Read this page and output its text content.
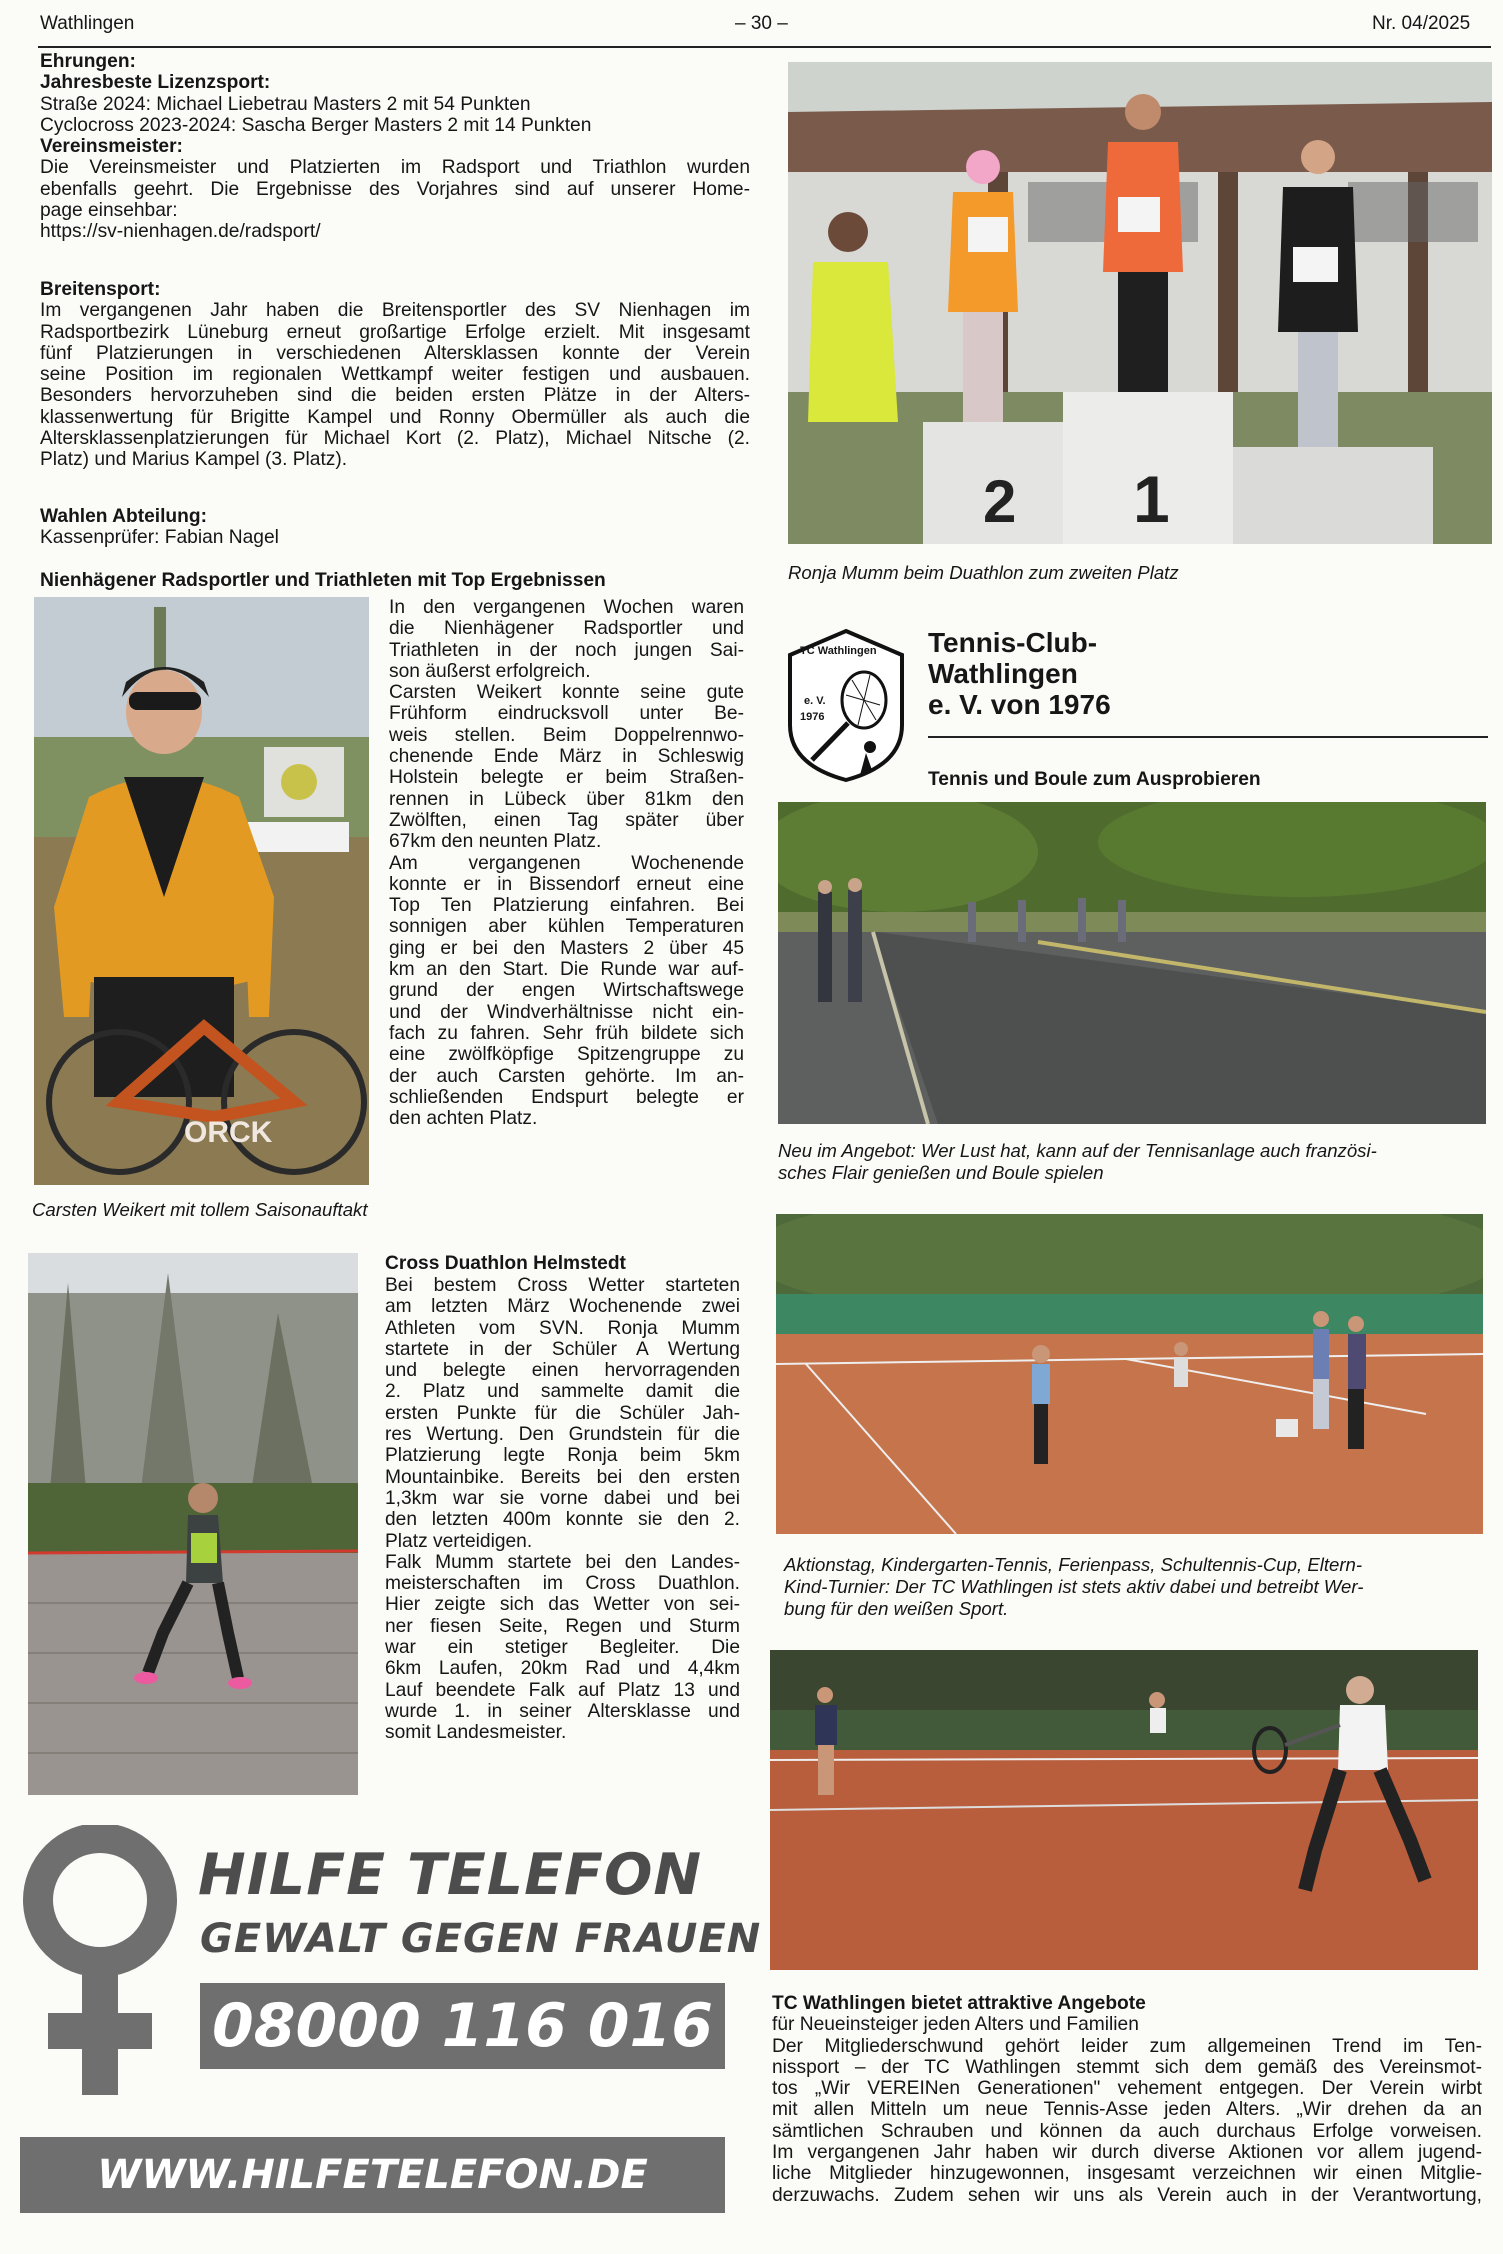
Wathlingen	– 30 –	Nr. 04/2025

Ehrungen:

Jahresbeste Lizenzsport:

Straße 2024: Michael Liebetrau Masters 2 mit 54 Punkten

Cyclocross 2023-2024: Sascha Berger Masters 2 mit 14 Punkten

Vereinsmeister:

Die Vereinsmeister und Platzierten im Radsport und Triathlon wurden

ebenfalls geehrt. Die Ergebnisse des Vorjahres sind auf unserer Home-

page einsehbar:

https://sv-nienhagen.de/radsport/

Breitensport:

Im vergangenen Jahr haben die Breitensportler des SV Nienhagen im

Radsportbezirk Lüneburg erneut großartige Erfolge erzielt. Mit insgesamt

fünf Platzierungen in verschiedenen Altersklassen konnte der Verein

seine Position im regionalen Wettkampf weiter festigen und ausbauen.

Besonders hervorzuheben sind die beiden ersten Plätze in der Alters-

klassenwertung für Brigitte Kampel und Ronny Obermüller als auch die

Altersklassenplatzierungen für Michael Kort (2. Platz), Michael Nitsche (2.

Platz) und Marius Kampel (3. Platz).

Wahlen Abteilung:

Kassenprüfer: Fabian Nagel

Nienhägener Radsportler und Triathleten mit Top Ergebnissen
ORCK

In den vergangenen Wochen waren

die Nienhägener Radsportler und

Triathleten in der noch jungen Sai-

son äußerst erfolgreich.

Carsten Weikert konnte seine gute

Frühform eindrucksvoll unter Be-

weis stellen. Beim Doppelrennwo-

chenende Ende März in Schleswig

Holstein belegte er beim Straßen-

rennen in Lübeck über 81km den

Zwölften, einen Tag später über

67km den neunten Platz.

Am vergangenen Wochenende

konnte er in Bissendorf erneut eine

Top Ten Platzierung einfahren. Bei

sonnigen aber kühlen Temperaturen

ging er bei den Masters 2 über 45

km an den Start. Die Runde war auf-

grund der engen Wirtschaftswege

und der Windverhältnisse nicht ein-

fach zu fahren. Sehr früh bildete sich

eine zwölfköpfige Spitzengruppe zu

der auch Carsten gehörte. Im an-

schließenden Endspurt belegte er

den achten Platz.

Carsten Weikert mit tollem Saisonauftakt
Cross Duathlon Helmstedt

Bei bestem Cross Wetter starteten

am letzten März Wochenende zwei

Athleten vom SVN. Ronja Mumm

startete in der Schüler A Wertung

und belegte einen hervorragenden

2. Platz und sammelte damit die

ersten Punkte für die Schüler Jah-

res Wertung. Den Grundstein für die

Platzierung legte Ronja beim 5km

Mountainbike. Bereits bei den ersten

1,3km war sie vorne dabei und bei

den letzten 400m konnte sie den 2.

Platz verteidigen.

Falk Mumm startete bei den Landes-

meisterschaften im Cross Duathlon.

Hier zeigte sich das Wetter von sei-

ner fiesen Seite, Regen und Sturm

war ein stetiger Begleiter. Die

6km Laufen, 20km Rad und 4,4km

Lauf beendete Falk auf Platz 13 und

wurde 1. in seiner Altersklasse und

somit Landesmeister.

HILFE TELEFON
GEWALT GEGEN FRAUEN
08000 116 016
WWW.HILFETELEFON.DE
2 1
Ronja Mumm beim Duathlon zum zweiten Platz
TC Wathlingen
e. V.
1976
Tennis-Club-
Wathlingen
e. V. von 1976
Tennis und Boule zum Ausprobieren
Neu im Angebot: Wer Lust hat, kann auf der Tennisanlage auch französi-
sches Flair genießen und Boule spielen
Aktionstag, Kindergarten-Tennis, Ferienpass, Schultennis-Cup, Eltern-
Kind-Turnier: Der TC Wathlingen ist stets aktiv dabei und betreibt Wer-
bung für den weißen Sport.

TC Wathlingen bietet attraktive Angebote

für Neueinsteiger jeden Alters und Familien

Der Mitgliederschwund gehört leider zum allgemeinen Trend im Ten-

nissport – der TC Wathlingen stemmt sich dem gemäß des Vereinsmot-

tos „Wir VEREINen Generationen" vehement entgegen. Der Verein wirbt

mit allen Mitteln um neue Tennis-Asse jeden Alters. „Wir drehen da an

sämtlichen Schrauben und können da auch durchaus Erfolge vorweisen.

Im vergangenen Jahr haben wir durch diverse Aktionen vor allem jugend-

liche Mitglieder hinzugewonnen, insgesamt verzeichnen wir einen Mitglie-

derzuwachs. Zudem sehen wir uns als Verein auch in der Verantwortung,
